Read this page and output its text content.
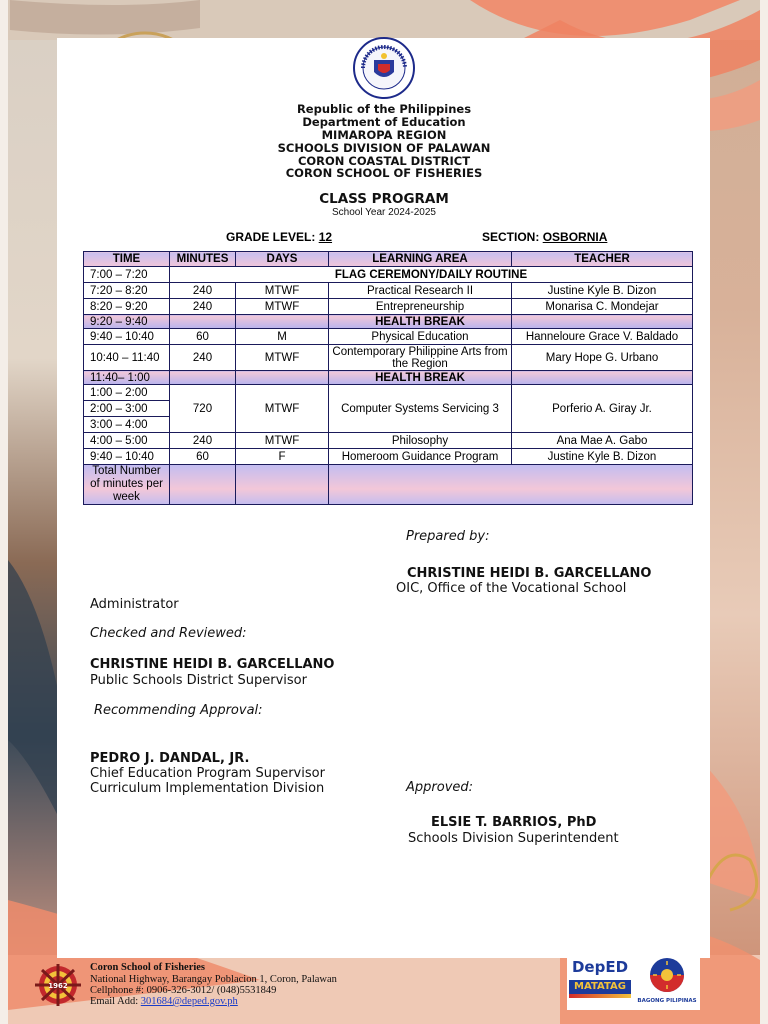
Republic of the Philippines
Department of Education
MIMAROPA REGION
SCHOOLS DIVISION OF PALAWAN
CORON COASTAL DISTRICT
CORON SCHOOL OF FISHERIES
CLASS PROGRAM
School Year 2024-2025
GRADE LEVEL: 12	SECTION: OSBORNIA
TIME	MINUTES	DAYS	LEARNING AREA	TEACHER
7:00 – 7:20	FLAG CEREMONY/DAILY ROUTINE			
7:20 – 8:20	240	MTWF	Practical Research II	Justine Kyle B. Dizon
8:20 – 9:20	240	MTWF	Entrepreneurship	Monarisa C. Mondejar
9:20 – 9:40			HEALTH BREAK	
9:40 – 10:40	60	M	Physical Education	Hanneloure Grace V. Baldado
10:40 – 11:40	240	MTWF	Contemporary Philippine Arts from the Region	Mary Hope G. Urbano
11:40– 1:00			HEALTH BREAK	
1:00 – 2:00	720	MTWF	Computer Systems Servicing 3	Porferio A. Giray Jr.
2:00 – 3:00				
3:00 – 4:00				
4:00 – 5:00	240	MTWF	Philosophy	Ana Mae A. Gabo
9:40 – 10:40	60	F	Homeroom Guidance Program	Justine Kyle B. Dizon
Total Number of minutes per week				
Prepared by:
CHRISTINE HEIDI B. GARCELLANO
OIC, Office of the Vocational School
Administrator
Checked and Reviewed:
CHRISTINE HEIDI B. GARCELLANO
Public Schools District Supervisor
Recommending Approval:
PEDRO J. DANDAL, JR.
Chief Education Program Supervisor
Curriculum Implementation Division	Approved:
ELSIE T. BARRIOS, PhD
Schools Division Superintendent
1962
Coron School of Fisheries
National Highway, Barangay Poblacion 1, Coron, Palawan
Cellphone #: 0906-326-3012/ (048)5531849
Email Add: 301684@deped.gov.ph
DepED
MATATAG
BAGONG PILIPINAS
